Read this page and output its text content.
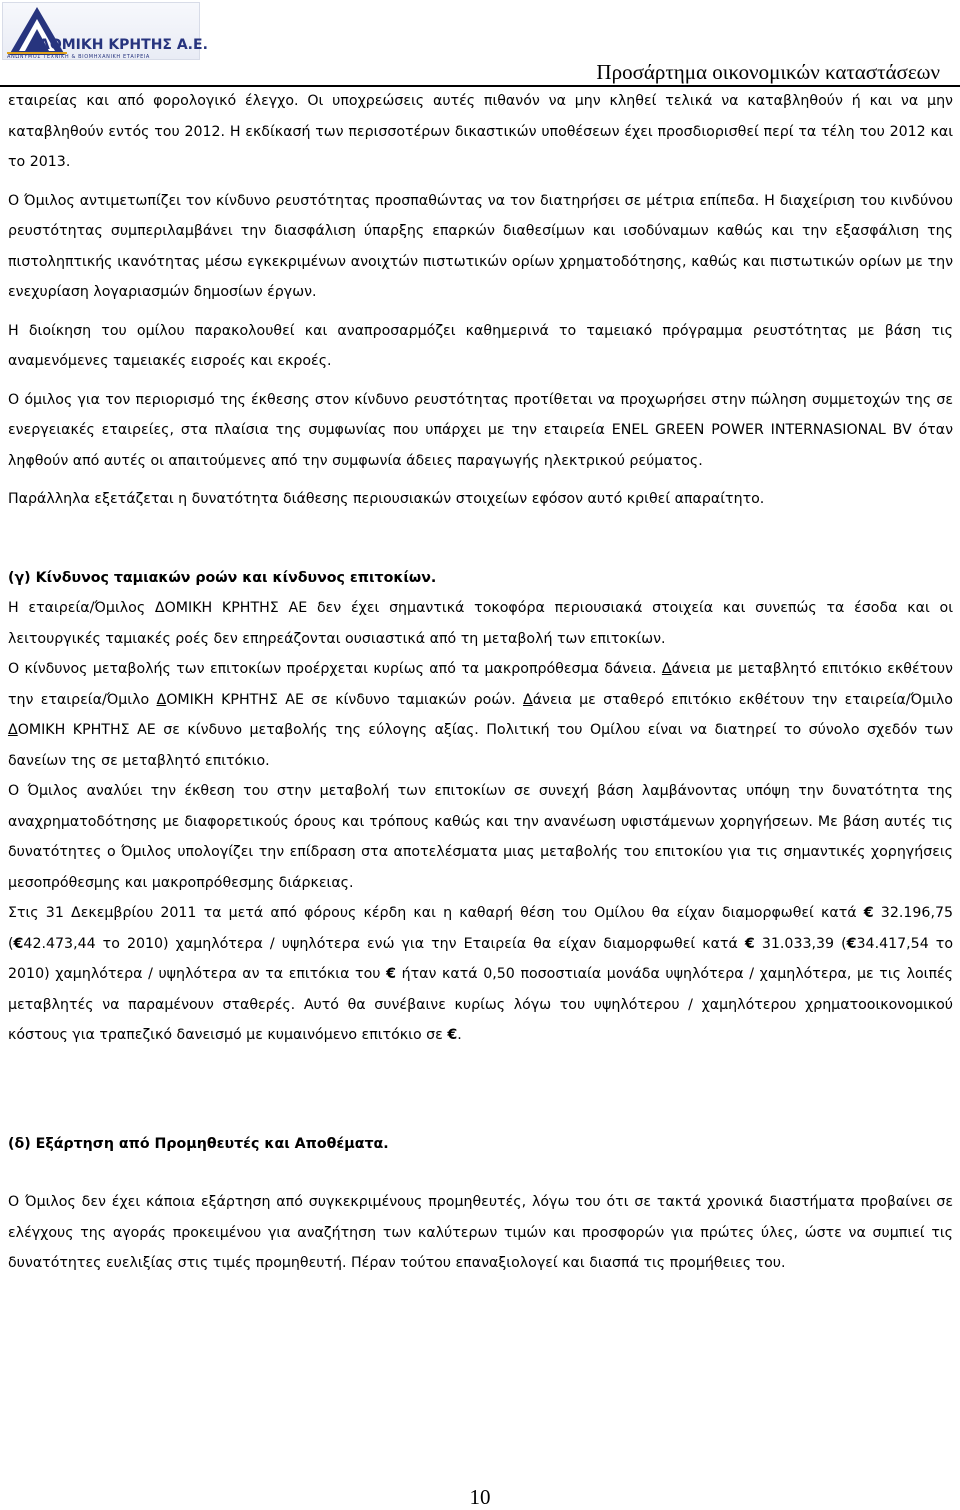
ΔΟΜΙΚΗ ΚΡΗΤΗΣ Α.Ε.
ΑΝΩΝΥΜΟΣ ΤΕΧΝΙΚΗ & ΒΙΟΜΗΧΑΝΙΚΗ ΕΤΑΙΡΕΙΑ
Προσάρτημα οικονομικών καταστάσεων

εταιρείας και από φορολογικό έλεγχο. Οι υποχρεώσεις αυτές πιθανόν να μην κληθεί τελικά να καταβληθούν ή και να μην καταβληθούν εντός του 2012. Η εκδίκασή των περισσοτέρων δικαστικών υποθέσεων έχει προσδιορισθεί περί τα τέλη του 2012 και το 2013.

Ο Όμιλος αντιμετωπίζει τον κίνδυνο ρευστότητας προσπαθώντας να τον διατηρήσει σε μέτρια επίπεδα. Η διαχείριση του κινδύνου ρευστότητας συμπεριλαμβάνει την διασφάλιση ύπαρξης επαρκών διαθεσίμων και ισοδύναμων καθώς και την εξασφάλιση της πιστοληπτικής ικανότητας μέσω εγκεκριμένων ανοιχτών πιστωτικών ορίων χρηματοδότησης, καθώς και πιστωτικών ορίων με την ενεχυρίαση λογαριασμών δημοσίων έργων.

Η διοίκηση του ομίλου παρακολουθεί και αναπροσαρμόζει καθημερινά το ταμειακό πρόγραμμα ρευστότητας με βάση τις αναμενόμενες ταμειακές εισροές και εκροές.

Ο όμιλος για τον περιορισμό της έκθεσης στον κίνδυνο ρευστότητας προτίθεται να προχωρήσει στην πώληση συμμετοχών της σε ενεργειακές εταιρείες, στα πλαίσια της συμφωνίας που υπάρχει με την εταιρεία ENEL GREEN POWER INTERNASIONAL BV όταν ληφθούν από αυτές οι απαιτούμενες από την συμφωνία άδειες παραγωγής ηλεκτρικού ρεύματος.

Παράλληλα εξετάζεται η δυνατότητα διάθεσης περιουσιακών στοιχείων εφόσον αυτό κριθεί απαραίτητο.

(γ) Κίνδυνος ταμιακών ροών και κίνδυνος επιτοκίων.

Η εταιρεία/Όμιλος ΔΟΜΙΚΗ ΚΡΗΤΗΣ ΑΕ δεν έχει σημαντικά τοκοφόρα περιουσιακά στοιχεία και συνεπώς τα έσοδα και οι λειτουργικές ταμιακές ροές δεν επηρεάζονται ουσιαστικά από τη μεταβολή των επιτοκίων.

Ο κίνδυνος μεταβολής των επιτοκίων προέρχεται κυρίως από τα μακροπρόθεσμα δάνεια. Δάνεια με μεταβλητό επιτόκιο εκθέτουν την εταιρεία/Όμιλο ΔΟΜΙΚΗ ΚΡΗΤΗΣ ΑΕ σε κίνδυνο ταμιακών ροών. Δάνεια με σταθερό επιτόκιο εκθέτουν την εταιρεία/Όμιλο ΔΟΜΙΚΗ ΚΡΗΤΗΣ ΑΕ σε κίνδυνο μεταβολής της εύλογης αξίας. Πολιτική του Ομίλου είναι να διατηρεί το σύνολο σχεδόν των δανείων της σε μεταβλητό επιτόκιο.

Ο Όμιλος αναλύει την έκθεση του στην μεταβολή των επιτοκίων σε συνεχή βάση λαμβάνοντας υπόψη την δυνατότητα της αναχρηματοδότησης με διαφορετικούς όρους και τρόπους καθώς και την ανανέωση υφιστάμενων χορηγήσεων. Με βάση αυτές τις δυνατότητες ο Όμιλος υπολογίζει την επίδραση στα αποτελέσματα μιας μεταβολής του επιτοκίου για τις σημαντικές χορηγήσεις μεσοπρόθεσμης και μακροπρόθεσμης διάρκειας.

Στις 31 Δεκεμβρίου 2011 τα μετά από φόρους κέρδη και η καθαρή θέση του Ομίλου θα είχαν διαμορφωθεί κατά € 32.196,75 (€42.473,44 το 2010) χαμηλότερα / υψηλότερα ενώ για την Εταιρεία θα είχαν διαμορφωθεί κατά € 31.033,39 (€34.417,54 το 2010) χαμηλότερα / υψηλότερα αν τα επιτόκια του € ήταν κατά 0,50 ποσοστιαία μονάδα υψηλότερα / χαμηλότερα, με τις λοιπές μεταβλητές να παραμένουν σταθερές. Αυτό θα συνέβαινε κυρίως λόγω του υψηλότερου / χαμηλότερου χρηματοοικονομικού κόστους για τραπεζικό δανεισμό με κυμαινόμενο επιτόκιο σε €.

(δ) Εξάρτηση από Προμηθευτές και Αποθέματα.

Ο Όμιλος δεν έχει κάποια εξάρτηση από συγκεκριμένους προμηθευτές, λόγω του ότι σε τακτά χρονικά διαστήματα προβαίνει σε ελέγχους της αγοράς προκειμένου για αναζήτηση των καλύτερων τιμών και προσφορών για πρώτες ύλες, ώστε να συμπιεί τις δυνατότητες ευελιξίας στις τιμές προμηθευτή. Πέραν τούτου επαναξιολογεί και διασπά τις προμήθειες του.

10
